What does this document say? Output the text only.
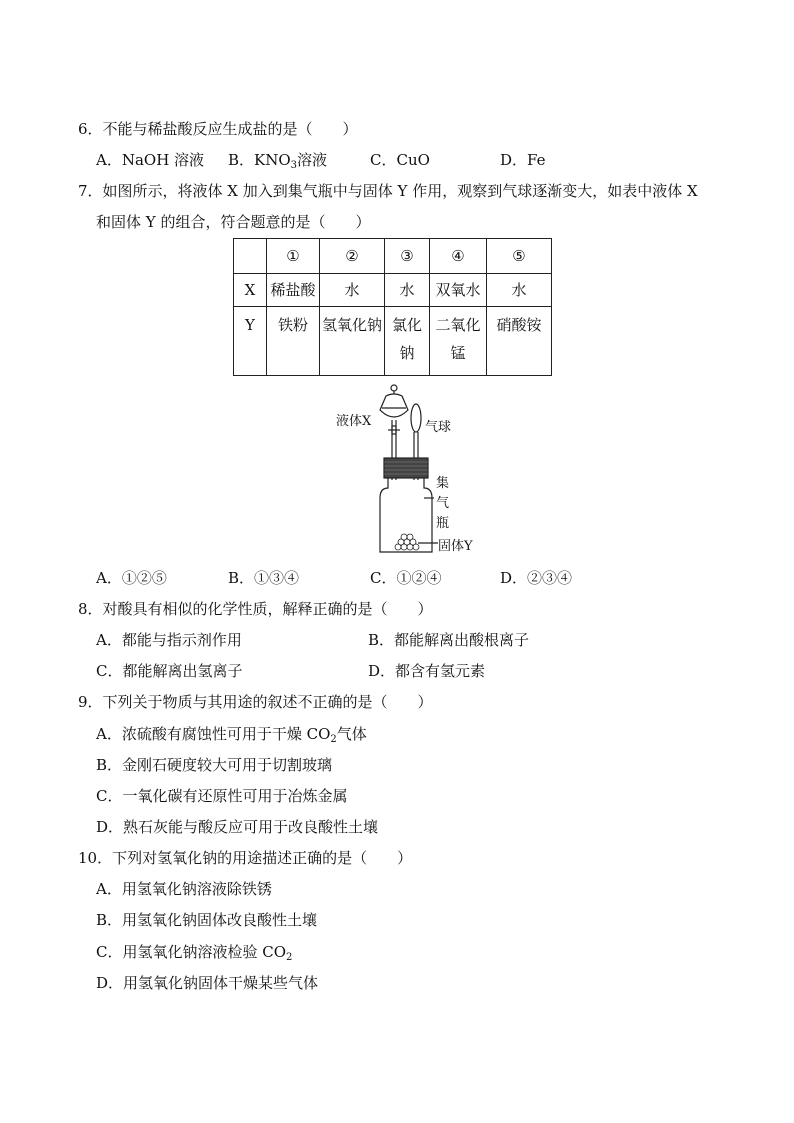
6．不能与稀盐酸反应生成盐的是（　　）
A．NaOH 溶液 B．$KNO_3$溶液	C．CuO	D．Fe
7．如图所示，将液体 X 加入到集气瓶中与固体 Y 作用，观察到气球逐渐变大，如表中液体 X
和固体 Y 的组合，符合题意的是（　　）
	①	②	③	④	⑤
X	稀盐酸	水	水	双氧水	水
Y	铁粉	氢氧化钠	氯化钠	二氧化锰	硝酸铵
液体X	气球
集
气
瓶
固体Y
A．①②⑤	B．①③④	C．①②④	D．②③④
8．对酸具有相似的化学性质，解释正确的是（　　）
A．都能与指示剂作用	B．都能解离出酸根离子
C．都能解离出氢离子	D．都含有氢元素
9．下列关于物质与其用途的叙述不正确的是（　　）
A．浓硫酸有腐蚀性可用于干燥 $CO_2$气体
B．金刚石硬度较大可用于切割玻璃
C．一氧化碳有还原性可用于冶炼金属
D．熟石灰能与酸反应可用于改良酸性土壤
10．下列对氢氧化钠的用途描述正确的是（　　）
A．用氢氧化钠溶液除铁锈
B．用氢氧化钠固体改良酸性土壤
C．用氢氧化钠溶液检验 $CO_2$
D．用氢氧化钠固体干燥某些气体
